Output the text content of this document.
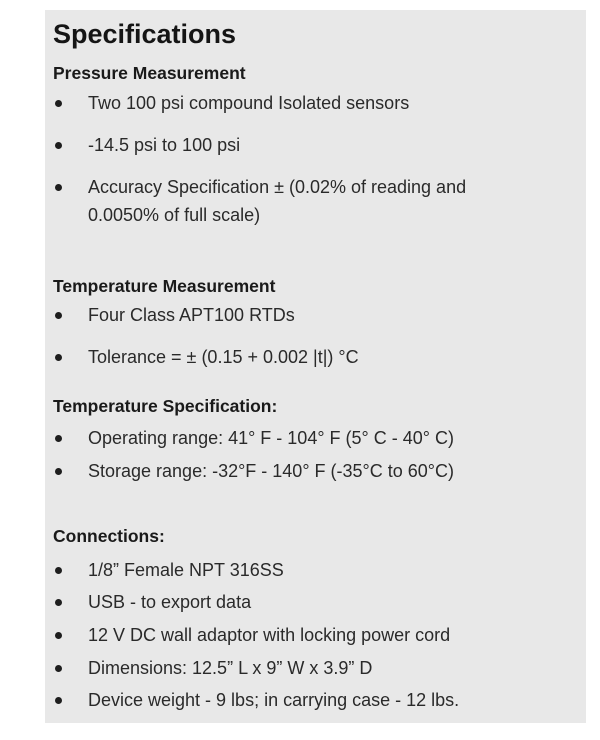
Specifications
Pressure Measurement
Two 100 psi compound Isolated sensors
-14.5 psi to 100 psi
Accuracy Specification ± (0.02% of reading and 0.0050% of full scale)
Temperature Measurement
Four Class APT100 RTDs
Tolerance = ± (0.15 + 0.002 |t|) °C
Temperature Specification:
Operating range: 41° F - 104° F (5° C - 40° C)
Storage range: -32°F - 140° F (-35°C to 60°C)
Connections:
1/8” Female NPT 316SS
USB - to export data
12 V DC wall adaptor with locking power cord
Dimensions: 12.5” L x 9” W x 3.9” D
Device weight - 9 lbs; in carrying case - 12 lbs.
